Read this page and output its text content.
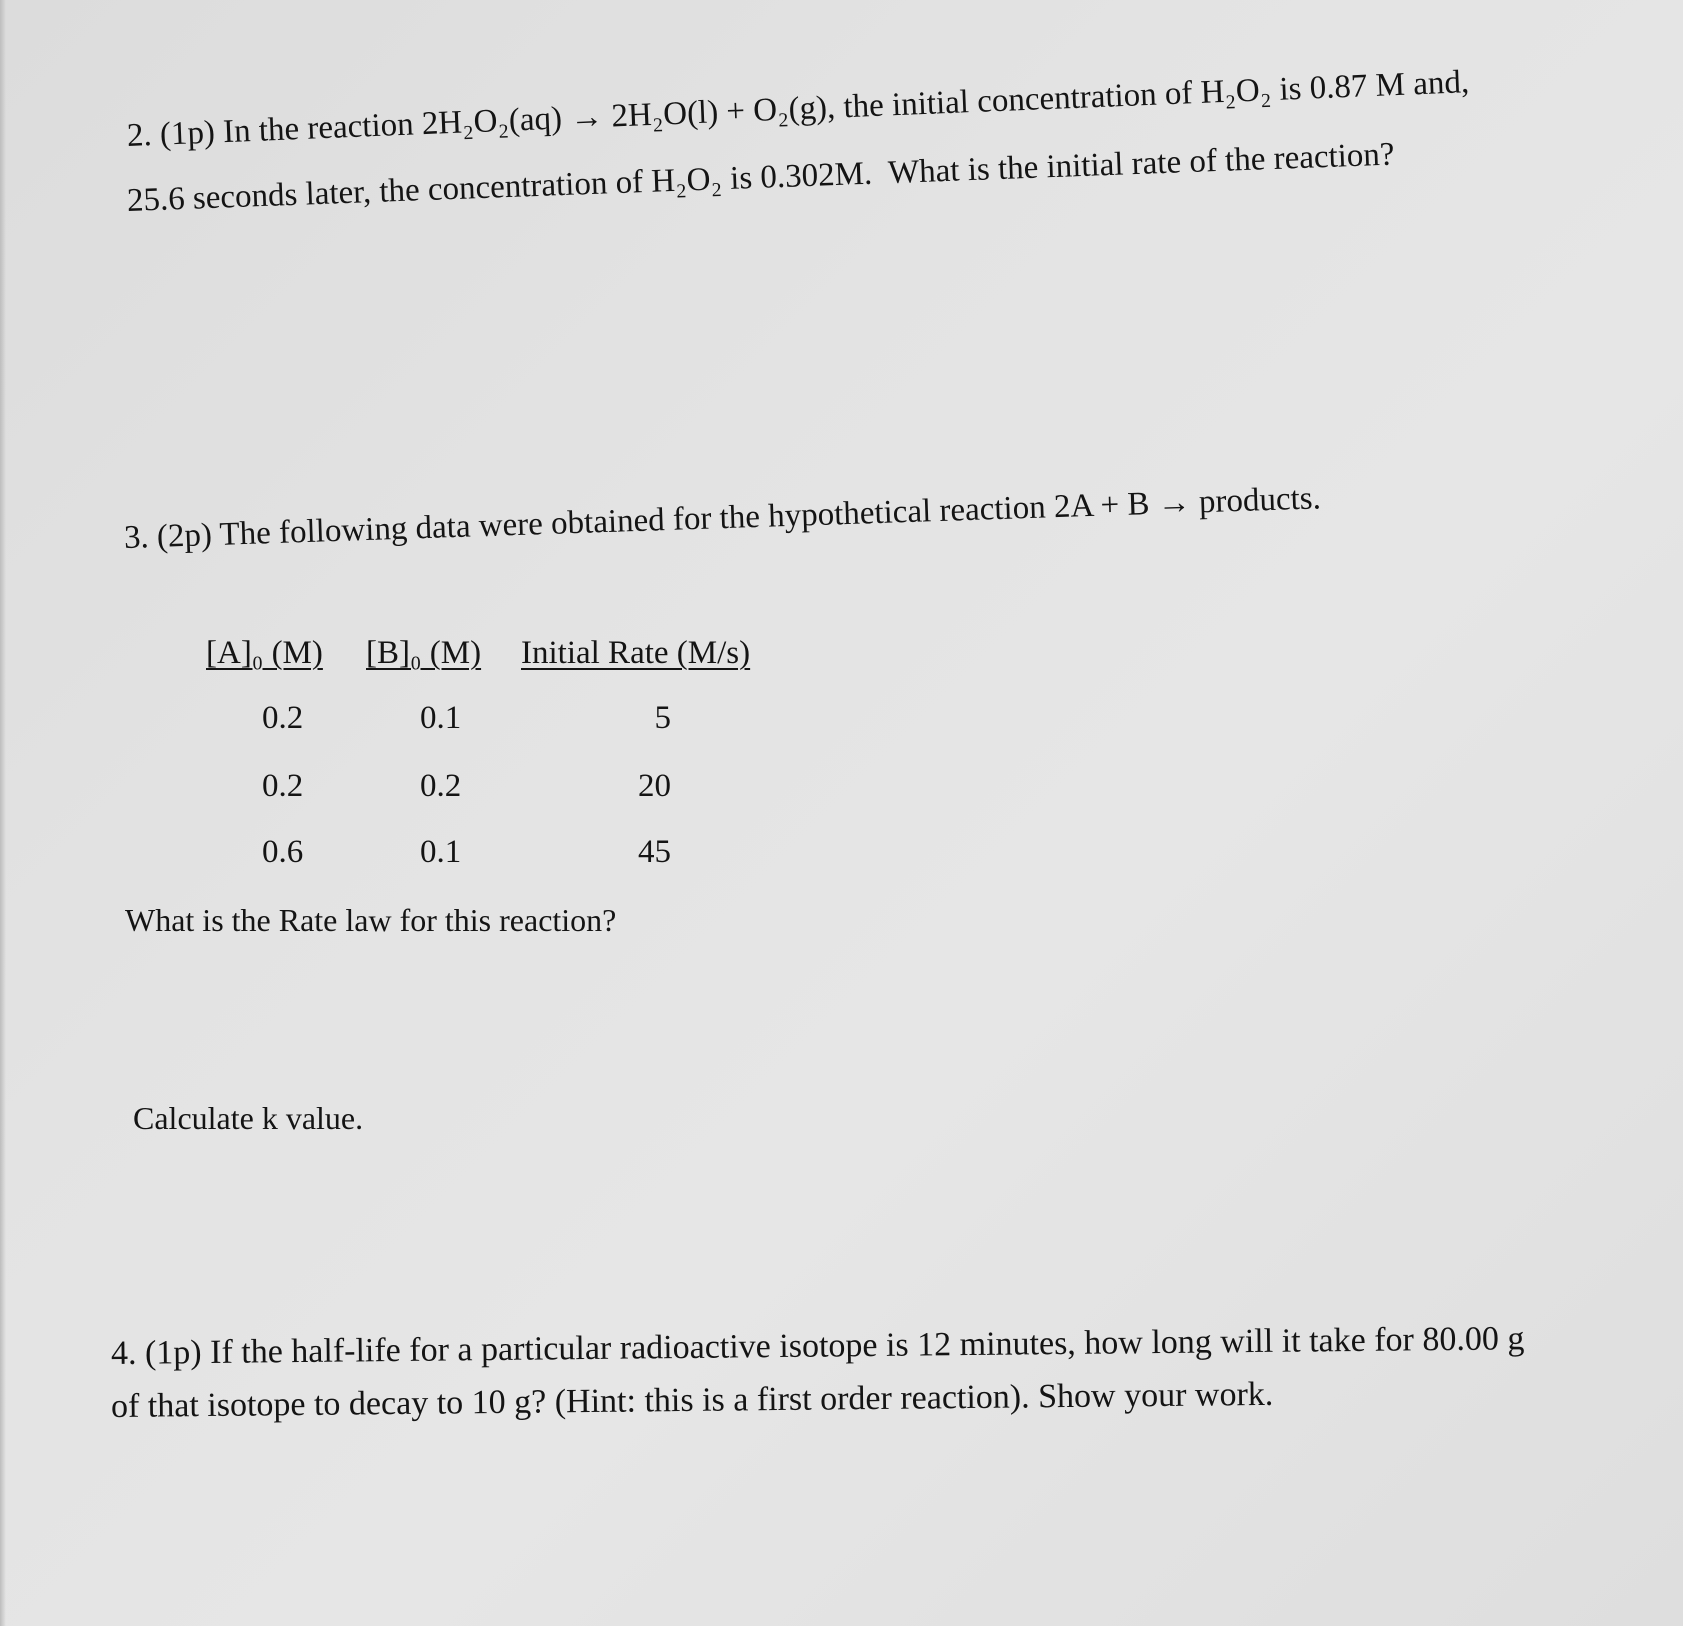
2. (1p) In the reaction 2H₂O₂(aq) → 2H₂O(l) + O₂(g), the initial concentration of H₂O₂ is 0.87 M and,
25.6 seconds later, the concentration of H₂O₂ is 0.302M.  What is the initial rate of the reaction?
3. (2p) The following data were obtained for the hypothetical reaction 2A + B → products.
[A]₀ (M) [B]₀ (M) Initial Rate (M/s)
0.2	0.1	5
0.2	0.2	20
0.6	0.1	45
What is the Rate law for this reaction?
Calculate k value.
4. (1p) If the half-life for a particular radioactive isotope is 12 minutes, how long will it take for 80.00 g
of that isotope to decay to 10 g? (Hint: this is a first order reaction). Show your work.
